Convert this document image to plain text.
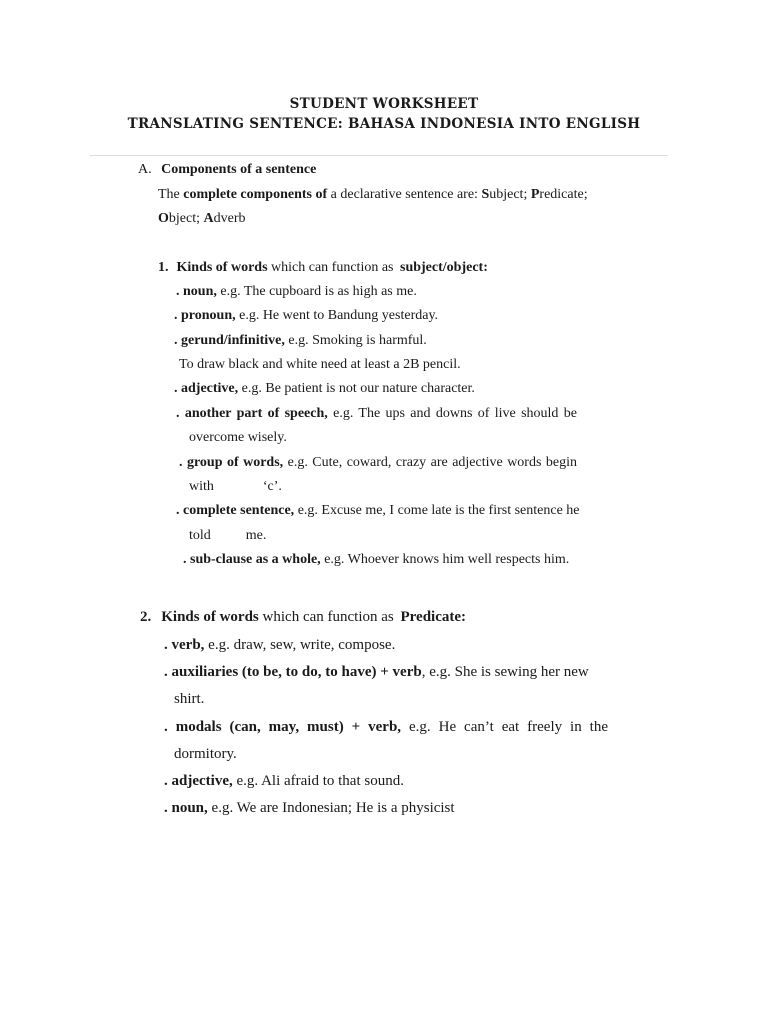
STUDENT WORKSHEET
TRANSLATING SENTENCE: BAHASA INDONESIA INTO ENGLISH
A. Components of a sentence
The complete components of a declarative sentence are: Subject; Predicate;
Object; Adverb
1. Kinds of words which can function as subject/object:
. noun, e.g. The cupboard is as high as me.
. pronoun, e.g. He went to Bandung yesterday.
. gerund/infinitive, e.g. Smoking is harmful.
To draw black and white need at least a 2B pencil.
. adjective, e.g. Be patient is not our nature character.
. another part of speech, e.g. The ups and downs of live should be
overcome wisely.
. group of words, e.g. Cute, coward, crazy are adjective words begin
with              ‘c’.
. complete sentence, e.g. Excuse me, I come late is the first sentence he
told          me.
. sub-clause as a whole, e.g. Whoever knows him well respects him.
2. Kinds of words which can function as Predicate:
. verb, e.g. draw, sew, write, compose.
. auxiliaries (to be, to do, to have) + verb, e.g. She is sewing her new
shirt.
. modals (can, may, must) + verb, e.g. He can’t eat freely in the
dormitory.
. adjective, e.g. Ali afraid to that sound.
. noun, e.g. We are Indonesian; He is a physicist
